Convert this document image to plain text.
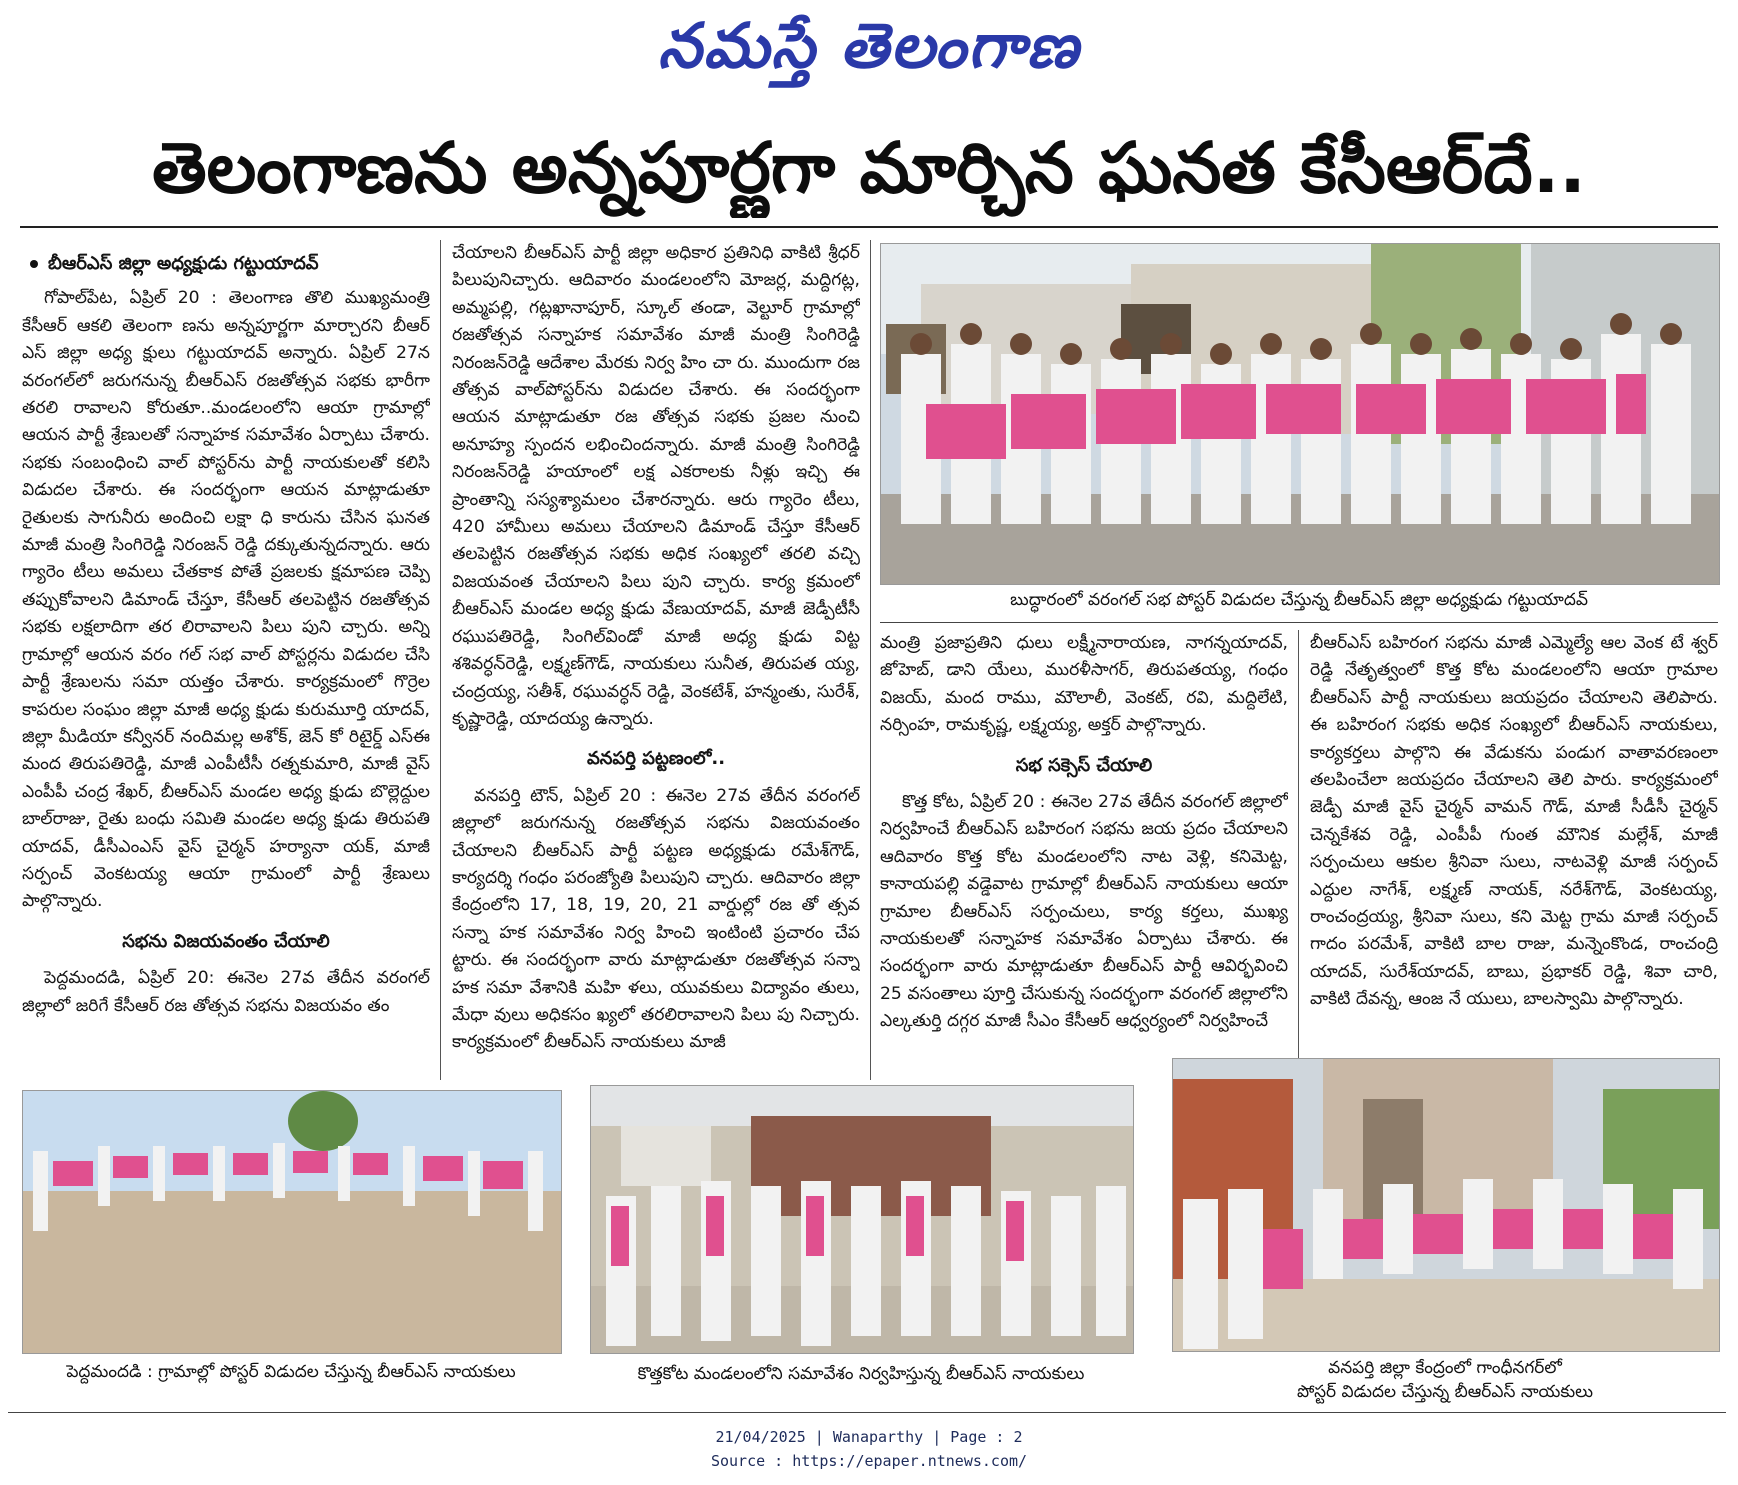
నమస్తే తెలంగాణ
తెలంగాణను అన్నపూర్ణగా మార్చిన ఘనత కేసీఆర్‌దే..
బీఆర్‌ఎస్ జిల్లా అధ్యక్షుడు గట్టుయాదవ్

గోపాల్‌పేట, ఏప్రిల్ 20 : తెలంగాణ తొలి ముఖ్యమంత్రి కేసీఆర్ ఆకలి తెలంగా ణను అన్నపూర్ణగా మార్చారని బీఆర్ ఎస్ జిల్లా అధ్య క్షులు గట్టుయాదవ్ అన్నారు. ఏప్రిల్ 27న వరంగల్‌లో జరుగనున్న బీఆర్‌ఎస్ రజతోత్సవ సభకు భారీగా తరలి రావాలని కోరుతూ..మండలంలోని ఆయా గ్రామాల్లో ఆయన పార్టీ శ్రేణులతో సన్నాహక సమావేశం ఏర్పాటు చేశారు. సభకు సంబంధించి వాల్ పోస్టర్‌ను పార్టీ నాయకులతో కలిసి విడుదల చేశారు. ఈ సందర్భంగా ఆయన మాట్లాడుతూ రైతులకు సాగునీరు అందించి లక్షా ధి కారును చేసిన ఘనత మాజీ మంత్రి సింగిరెడ్డి నిరంజన్ రెడ్డి దక్కుతున్నదన్నారు. ఆరు గ్యారెం టీలు అమలు చేతకాక పోతే ప్రజలకు క్షమాపణ చెప్పి తప్పుకోవాలని డిమాండ్ చేస్తూ, కేసీఆర్ తలపెట్టిన రజతోత్సవ సభకు లక్షలాదిగా తర లిరావాలని పిలు పుని చ్చారు. అన్ని గ్రామాల్లో ఆయన వరం గల్ సభ వాల్ పోస్టర్లను విడుదల చేసి పార్టీ శ్రేణులను సమా యత్తం చేశారు. కార్యక్రమంలో గొర్రెల కాపరుల సంఘం జిల్లా మాజీ అధ్య క్షుడు కురుమూర్తి యాదవ్, జిల్లా మీడియా కన్వీనర్ నందిమల్ల అశోక్, జెన్ కో రిటైర్డ్ ఎస్ఈ మంద తిరుపతిరెడ్డి, మాజీ ఎంపీటీసీ రత్నకుమారి, మాజీ వైస్ ఎంపీపీ చంద్ర శేఖర్, బీఆర్‌ఎస్ మండల అధ్య క్షుడు బొల్లెద్దుల బాల్‌రాజు, రైతు బంధు సమితి మండల అధ్య క్షుడు తిరుపతి యాదవ్, డీసీఎంఎస్ వైస్ చైర్మన్ హర్యానా యక్, మాజీ సర్పంచ్ వెంకటయ్య ఆయా గ్రామంలో పార్టీ శ్రేణులు పాల్గొన్నారు.

సభను విజయవంతం చేయాలి

పెద్దమందడి, ఏప్రిల్ 20: ఈనెల 27వ తేదీన వరంగల్ జిల్లాలో జరిగే కేసీఆర్ రజ తోత్సవ సభను విజయవం తం

చేయాలని బీఆర్‌ఎస్ పార్టీ జిల్లా అధికార ప్రతినిధి వాకిటి శ్రీధర్ పిలుపునిచ్చారు. ఆదివారం మండలంలోని మోజర్ల, మద్దిగట్ల, అమ్మపల్లి, గట్లఖానాపూర్, స్కూల్ తండా, వెల్టూర్ గ్రామాల్లో రజతోత్సవ సన్నాహక సమావేశం మాజీ మంత్రి సింగిరెడ్డి నిరంజన్‌రెడ్డి ఆదేశాల మేరకు నిర్వ హిం చా రు. ముందుగా రజ తోత్సవ వాల్‌పోస్టర్‌ను విడుదల చేశారు. ఈ సందర్భంగా ఆయన మాట్లాడుతూ రజ తోత్సవ సభకు ప్రజల నుంచి అనూహ్య స్పందన లభించిందన్నారు. మాజీ మంత్రి సింగిరెడ్డి నిరంజన్‌రెడ్డి హయాంలో లక్ష ఎకరాలకు నీళ్లు ఇచ్చి ఈ ప్రాంతాన్ని సస్యశ్యామలం చేశారన్నారు. ఆరు గ్యారెం టీలు, 420 హామీలు అమలు చేయాలని డిమాండ్ చేస్తూ కేసీఆర్ తలపెట్టిన రజతోత్సవ సభకు అధిక సంఖ్యలో తరలి వచ్చి విజయవంత చేయాలని పిలు పుని చ్చారు. కార్య క్రమంలో బీఆర్‌ఎస్ మండల అధ్య క్షుడు వేణుయాదవ్, మాజీ జెడ్పీటీసీ రఘుపతిరెడ్డి, సింగిల్‌విండో మాజీ అధ్య క్షుడు విట్ట శశివర్ధన్‌రెడ్డి, లక్ష్మణ్‌గౌడ్, నాయకులు సునీత, తిరుపత య్య, చంద్రయ్య, సతీశ్, రఘువర్ధన్ రెడ్డి, వెంకటేశ్, హన్మంతు, సురేశ్, కృష్ణారెడ్డి, యాదయ్య ఉన్నారు.

వనపర్తి పట్టణంలో..

వనపర్తి టౌన్, ఏప్రిల్ 20 : ఈనెల 27వ తేదీన వరంగల్ జిల్లాలో జరుగనున్న రజతోత్సవ సభను విజయవంతం చేయాలని బీఆర్‌ఎస్ పార్టీ పట్టణ అధ్యక్షుడు రమేశ్‌గౌడ్, కార్యదర్శి గంధం పరంజ్యోతి పిలుపుని చ్చారు. ఆదివారం జిల్లా కేంద్రంలోని 17, 18, 19, 20, 21 వార్డుల్లో రజ తో త్సవ సన్నా హక సమావేశం నిర్వ హించి ఇంటింటి ప్రచారం చేప ట్టారు. ఈ సందర్భంగా వారు మాట్లాడుతూ రజతోత్సవ సన్నా హక సమా వేశానికి మహి ళలు, యువకులు విద్యావం తులు, మేధా వులు అధికసం ఖ్యలో తరలిరావాలని పిలు పు నిచ్చారు. కార్యక్రమంలో బీఆర్‌ఎస్ నాయకులు మాజీ

బుద్ధారంలో వరంగల్ సభ పోస్టర్ విడుదల చేస్తున్న బీఆర్‌ఎస్ జిల్లా అధ్యక్షుడు గట్టుయాదవ్

మంత్రి ప్రజాప్రతిని ధులు లక్ష్మీనారాయణ, నాగన్నయాదవ్, జోహెబ్, డాని యేలు, మురళీసాగర్, తిరుపతయ్య, గంధం విజయ్, మంద రాము, మౌలాలీ, వెంకట్, రవి, మద్దిలేటి, నర్సింహ, రామకృష్ణ, లక్ష్మయ్య, అక్తర్ పాల్గొన్నారు.

సభ సక్సెస్ చేయాలి

కొత్త కోట, ఏప్రిల్ 20 : ఈనెల 27వ తేదీన వరంగల్ జిల్లాలో నిర్వహించే బీఆర్‌ఎస్ బహిరంగ సభను జయ ప్రదం చేయాలని ఆదివారం కొత్త కోట మండలంలోని నాట వెళ్లి, కనిమెట్ట, కానాయపల్లి వడ్డెవాట గ్రామాల్లో బీఆర్‌ఎస్ నాయకులు ఆయా గ్రామాల బీఆర్‌ఎస్ సర్పంచులు, కార్య కర్తలు, ముఖ్య నాయకులతో సన్నాహక సమావేశం ఏర్పాటు చేశారు. ఈ సందర్భంగా వారు మాట్లాడుతూ బీఆర్‌ఎస్ పార్టీ ఆవిర్భవించి 25 వసంతాలు పూర్తి చేసుకున్న సందర్భంగా వరంగల్ జిల్లాలోని ఎల్కతుర్తి దగ్గర మాజీ సీఎం కేసీఆర్ ఆధ్వర్యంలో నిర్వహించే

బీఆర్‌ఎస్ బహిరంగ సభను మాజీ ఎమ్మెల్యే ఆల వెంక టే శ్వర్ రెడ్డి నేతృత్వంలో కొత్త కోట మండలంలోని ఆయా గ్రామాల బీఆర్‌ఎస్ పార్టీ నాయకులు జయప్రదం చేయాలని తెలిపారు. ఈ బహిరంగ సభకు అధిక సంఖ్యలో బీఆర్‌ఎస్ నాయకులు, కార్యకర్తలు పాల్గొని ఈ వేడుకను పండుగ వాతావరణంలా తలపించేలా జయప్రదం చేయాలని తెలి పారు. కార్యక్రమంలో జెడ్పీ మాజీ వైస్ చైర్మన్ వామన్ గౌడ్, మాజీ సీడీసీ చైర్మన్ చెన్నకేశవ రెడ్డి, ఎంపీపీ గుంత మౌనిక మల్లేశ్, మాజీ సర్పంచులు ఆకుల శ్రీనివా సులు, నాటవెళ్లి మాజీ సర్పంచ్ ఎద్దుల నాగేశ్, లక్ష్మణ్ నాయక్, నరేశ్‌గౌడ్, వెంకటయ్య, రాంచంద్రయ్య, శ్రీనివా సులు, కని మెట్ట గ్రామ మాజీ సర్పంచ్ గాదం పరమేశ్, వాకిటి బాల రాజు, మన్నెంకొండ, రాంచంద్రి యాదవ్, సురేశ్‌యాదవ్, బాబు, ప్రభాకర్ రెడ్డి, శివా చారి, వాకిటి దేవన్న, ఆంజ నే యులు, బాలస్వామి పాల్గొన్నారు.

వనపర్తి జిల్లా కేంద్రంలో గాంధీనగర్‌లో
పోస్టర్ విడుదల చేస్తున్న బీఆర్‌ఎస్ నాయకులు
పెద్దమందడి : గ్రామాల్లో పోస్టర్ విడుదల చేస్తున్న బీఆర్‌ఎస్ నాయకులు	కొత్తకోట మండలంలోని సమావేశం నిర్వహిస్తున్న బీఆర్‌ఎస్ నాయకులు
21/04/2025 | Wanaparthy | Page : 2
Source : https://epaper.ntnews.com/
